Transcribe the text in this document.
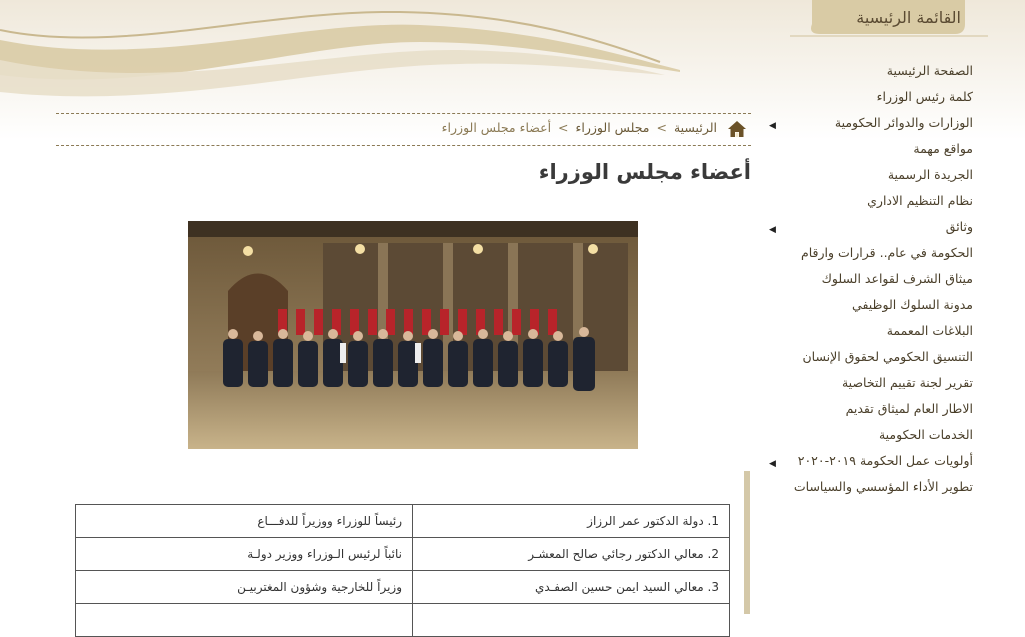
القائمة الرئيسية
الصفحة الرئيسية
كلمة رئيس الوزراء
الوزارات والدوائر الحكومية
◀
مواقع مهمة
الجريدة الرسمية
نظام التنظيم الاداري
وثائق
◀
الحكومة في عام.. قرارات وارقام
ميثاق الشرف لقواعد السلوك
مدونة السلوك الوظيفي
البلاغات المعممة
التنسيق الحكومي لحقوق الإنسان
تقرير لجنة تقييم التخاصية
الاطار العام لميثاق تقديم
الخدمات الحكومية
أولويات عمل الحكومة ٢٠١٩-٢٠٢٠
◀
تطوير الأداء المؤسسي والسياسات
الرئيسية > مجلس الوزراء > أعضاء مجلس الوزراء
أعضاء مجلس الوزراء
1. دولة الدكتور عمر الرزاز	رئيساً للوزراء ووزيراً للدفـــاع
2. معالي الدكتور رجائي صالح المعشـر	نائباً لرئيس الـوزراء ووزير دولـة
3. معالي السيد ايمن حسين الصفـدي	وزيراً للخارجية وشؤون المغتربيـن
